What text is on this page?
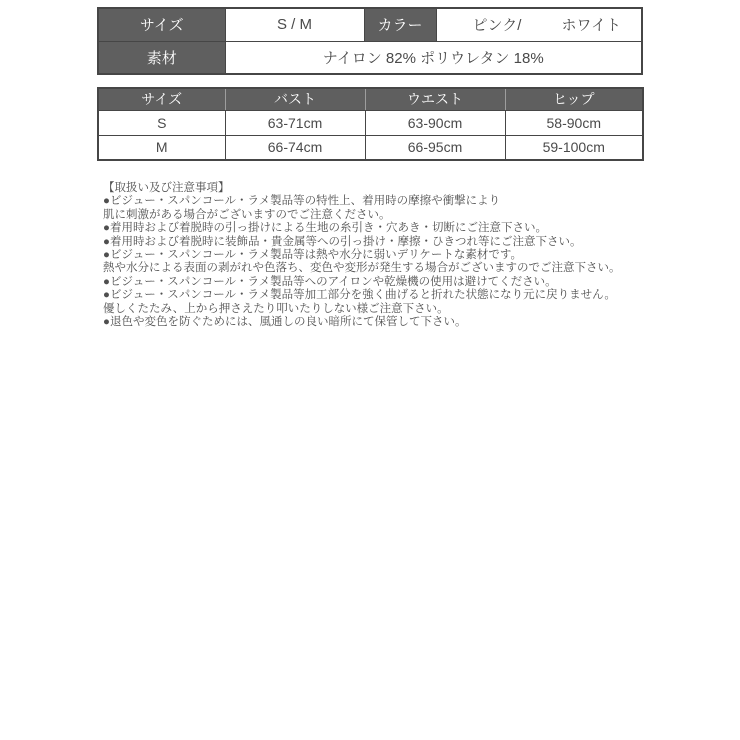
サイズ	S / M	カラー	ピンク/ ホワイト

素材	ナイロン 82% ポリウレタン 18%		
サイズ	バスト	ウエスト	ヒップ
S	63-71cm	63-90cm	58-90cm
M	66-74cm	66-95cm	59-100cm
【取扱い及び注意事項】
●ビジュー・スパンコール・ラメ製品等の特性上、着用時の摩擦や衝撃により
肌に刺激がある場合がございますのでご注意ください。
●着用時および着脱時の引っ掛けによる生地の糸引き・穴あき・切断にご注意下さい。
●着用時および着脱時に装飾品・貴金属等への引っ掛け・摩擦・ひきつれ等にご注意下さい。
●ビジュー・スパンコール・ラメ製品等は熱や水分に弱いデリケートな素材です。
熱や水分による表面の剥がれや色落ち、変色や変形が発生する場合がございますのでご注意下さい。
●ビジュー・スパンコール・ラメ製品等へのアイロンや乾燥機の使用は避けてください。
●ビジュー・スパンコール・ラメ製品等加工部分を強く曲げると折れた状態になり元に戻りません。
優しくたたみ、上から押さえたり叩いたりしない様ご注意下さい。
●退色や変色を防ぐためには、風通しの良い暗所にて保管して下さい。
